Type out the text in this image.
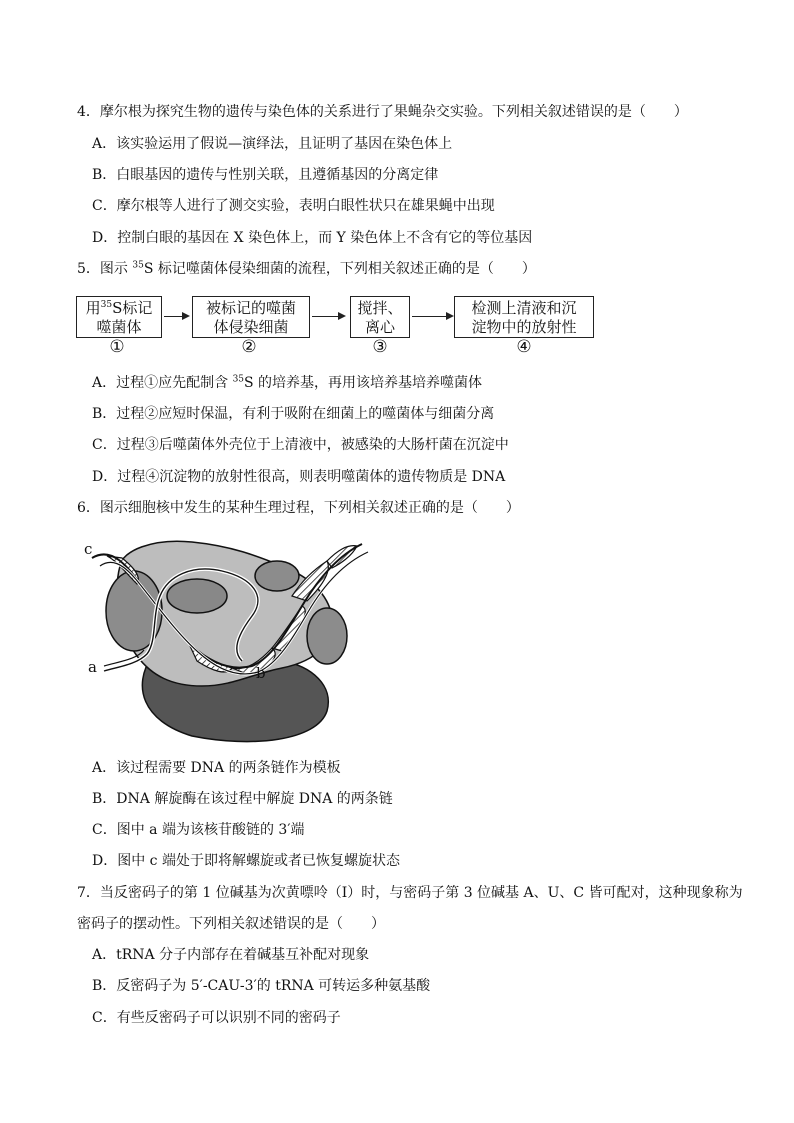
4．摩尔根为探究生物的遗传与染色体的关系进行了果蝇杂交实验。下列相关叙述错误的是（　　）
A．该实验运用了假说—演绎法，且证明了基因在染色体上
B．白眼基因的遗传与性别关联，且遵循基因的分离定律
C．摩尔根等人进行了测交实验，表明白眼性状只在雄果蝇中出现
D．控制白眼的基因在 X 染色体上，而 Y 染色体上不含有它的等位基因
5．图示 $^{35}$S 标记噬菌体侵染细菌的流程，下列相关叙述正确的是（　　）
用$^{35}$S标记
噬菌体
被标记的噬菌
体侵染细菌
搅拌、
离心
检测上清液和沉
淀物中的放射性
①	②	③	④
A．过程①应先配制含 $^{35}$S 的培养基，再用该培养基培养噬菌体
B．过程②应短时保温，有利于吸附在细菌上的噬菌体与细菌分离
C．过程③后噬菌体外壳位于上清液中，被感染的大肠杆菌在沉淀中
D．过程④沉淀物的放射性很高，则表明噬菌体的遗传物质是 DNA
6．图示细胞核中发生的某种生理过程，下列相关叙述正确的是（　　）
c
a	b
A．该过程需要 DNA 的两条链作为模板
B．DNA 解旋酶在该过程中解旋 DNA 的两条链
C．图中 a 端为该核苷酸链的 3′端
D．图中 c 端处于即将解螺旋或者已恢复螺旋状态
7．当反密码子的第 1 位碱基为次黄嘌呤（I）时，与密码子第 3 位碱基 A、U、C 皆可配对，这种现象称为
密码子的摆动性。下列相关叙述错误的是（　　）
A．tRNA 分子内部存在着碱基互补配对现象
B．反密码子为 5′-CAU-3′的 tRNA 可转运多种氨基酸
C．有些反密码子可以识别不同的密码子
